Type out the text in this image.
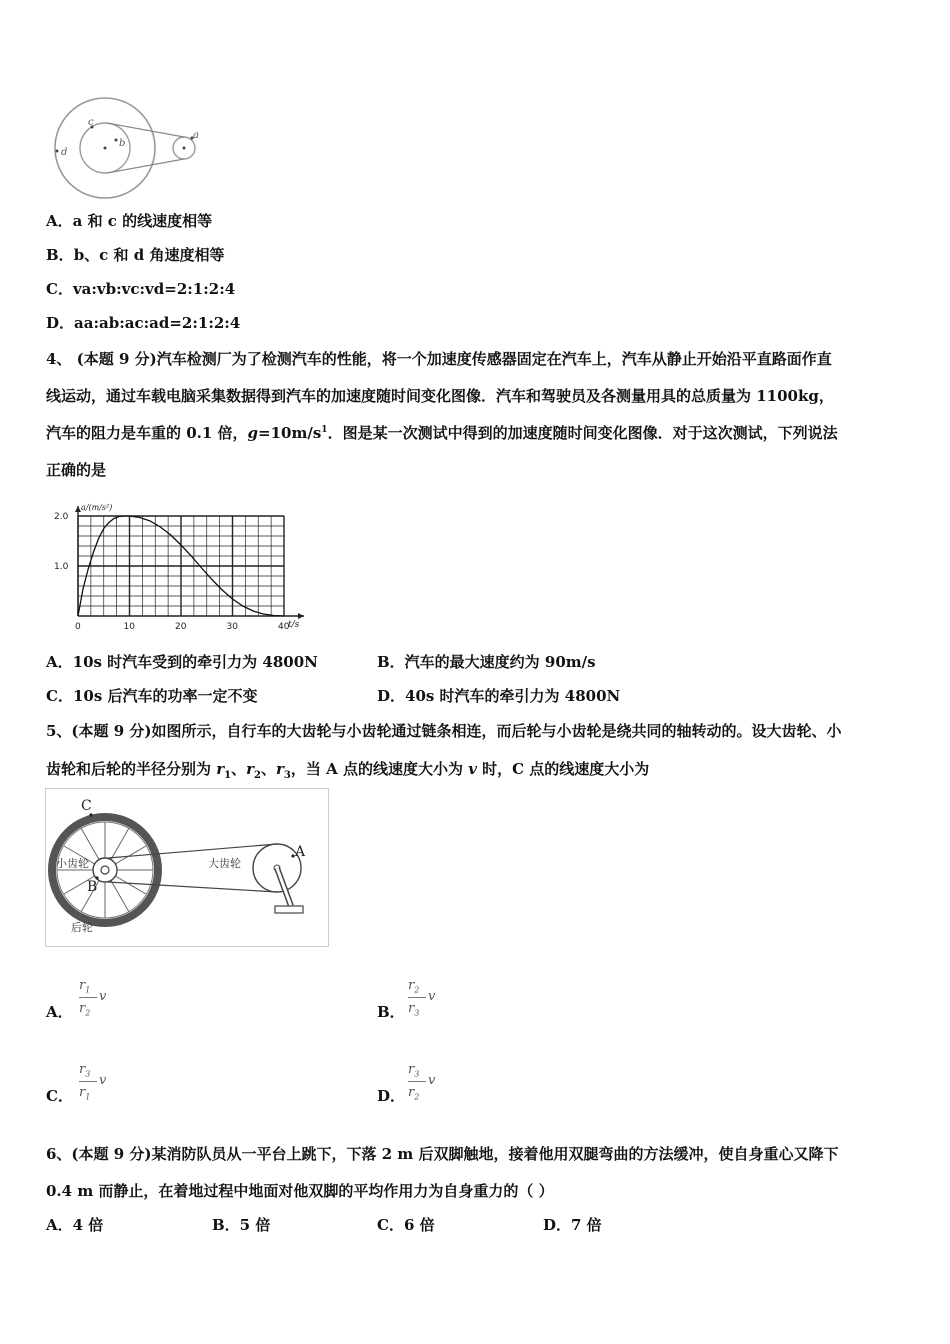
c
b
d
a
A．a 和 c 的线速度相等
B．b、c 和 d 角速度相等
C．va:vb:vc:vd=2:1:2:4
D．aa:ab:ac:ad=2:1:2:4
4、 (本题 9 分)汽车检测厂为了检测汽车的性能，将一个加速度传感器固定在汽车上，汽车从静止开始沿平直路面作直
线运动，通过车载电脑采集数据得到汽车的加速度随时间变化图像．汽车和驾驶员及各测量用具的总质量为 1100kg，
汽车的阻力是车重的 0.1 倍，$g=10m/s^1$．图是某一次测试中得到的加速度随时间变化图像．对于这次测试，下列说法
正确的是
0	10	20	30	40
1.0
2.0
a/(m/s²)
t/s
A．10s 时汽车受到的牵引力为 4800N	B．汽车的最大速度约为 90m/s
C．10s 后汽车的功率一定不变	D．40s 时汽车的牵引力为 4800N
5、(本题 9 分)如图所示，自行车的大齿轮与小齿轮通过链条相连，而后轮与小齿轮是绕共同的轴转动的。设大齿轮、小
齿轮和后轮的半径分别为 $r_1$、$r_2$、$r_3$，当 A 点的线速度大小为 v 时，C 点的线速度大小为
C
B
A
小齿轮	大齿轮
后轮
A．
$r_1$
$r_2$
v
B．
$r_2$
$r_3$
v
C．
$r_3$
$r_1$
v
D．
$r_3$
$r_2$
v
6、(本题 9 分)某消防队员从一平台上跳下，下落 2 m 后双脚触地，接着他用双腿弯曲的方法缓冲，使自身重心又降下
0.4 m 而静止，在着地过程中地面对他双脚的平均作用力为自身重力的（ ）
A．4 倍	B．5 倍	C．6 倍	D．7 倍
